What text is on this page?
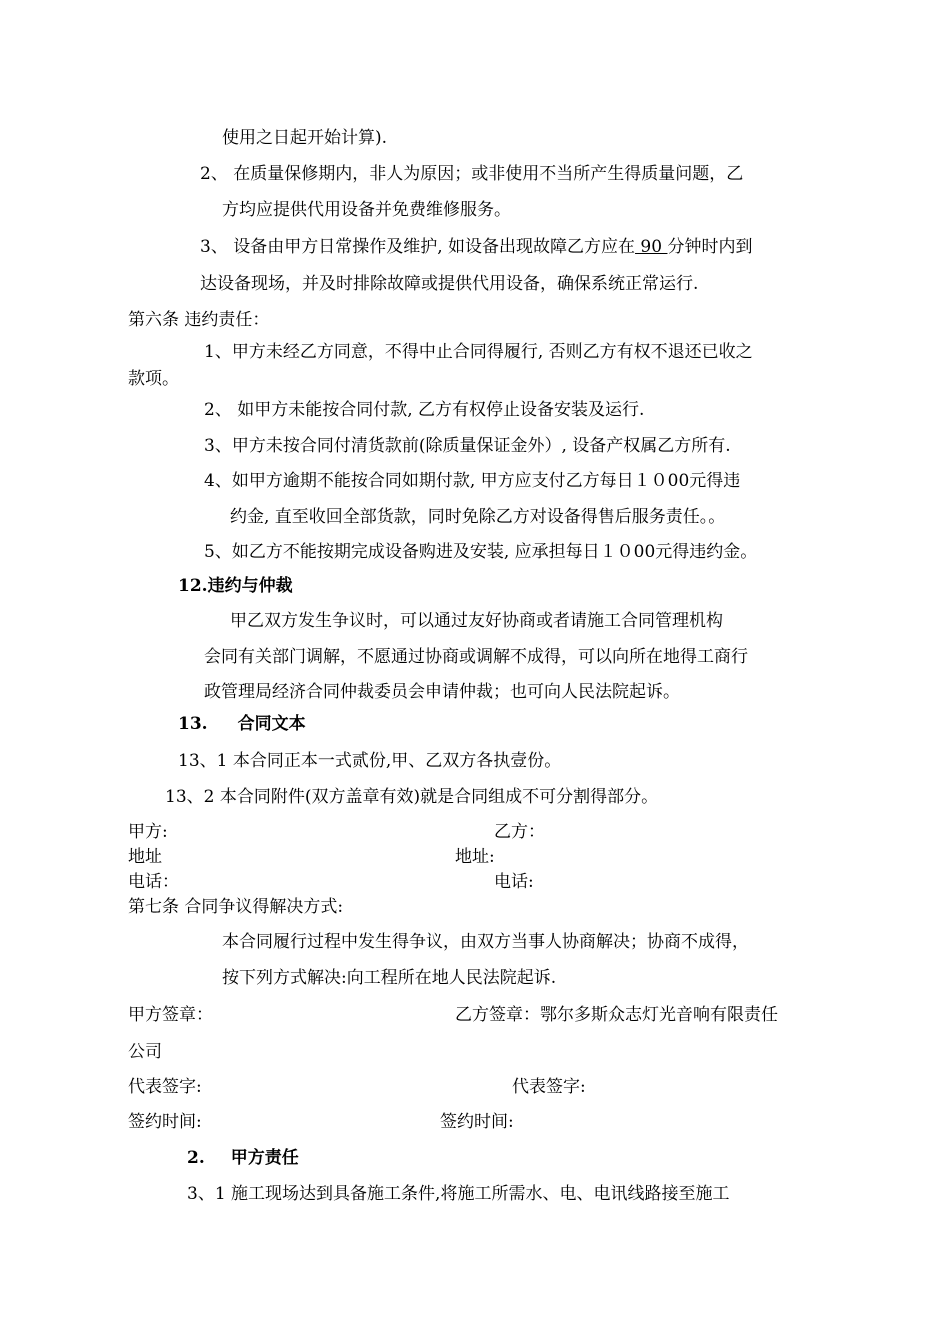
使用之日起开始计算).
2、 在质量保修期内，非人为原因；或非使用不当所产生得质量问题，乙
方均应提供代用设备并免费维修服务。
3、 设备由甲方日常操作及维护, 如设备出现故障乙方应在 90 分钟时内到
达设备现场，并及时排除故障或提供代用设备，确保系统正常运行.
第六条 违约责任：
1、甲方未经乙方同意，不得中止合同得履行, 否则乙方有权不退还已收之
款项。
2、 如甲方未能按合同付款, 乙方有权停止设备安装及运行.
3、甲方未按合同付清货款前(除质量保证金外）, 设备产权属乙方所有.
4、如甲方逾期不能按合同如期付款, 甲方应支付乙方每日１０00元得违
约金, 直至收回全部货款，同时免除乙方对设备得售后服务责任。。
5、如乙方不能按期完成设备购进及安装, 应承担每日１０00元得违约金。
12.违约与仲裁
甲乙双方发生争议时，可以通过友好协商或者请施工合同管理机构
会同有关部门调解，不愿通过协商或调解不成得，可以向所在地得工商行
政管理局经济合同仲裁委员会申请仲裁；也可向人民法院起诉。
13. 合同文本
13、1 本合同正本一式贰份,甲、乙双方各执壹份。
13、2 本合同附件(双方盖章有效)就是合同组成不可分割得部分。
甲方:	乙方：
地址	地址:
电话：	电话:
第七条 合同争议得解决方式:
本合同履行过程中发生得争议，由双方当事人协商解决；协商不成得，
按下列方式解决:向工程所在地人民法院起诉.
甲方签章：	乙方签章：鄂尔多斯众志灯光音响有限责任
公司
代表签字:	代表签字:
签约时间:	签约时间:
2. 甲方责任
3、1 施工现场达到具备施工条件,将施工所需水、电、电讯线路接至施工
